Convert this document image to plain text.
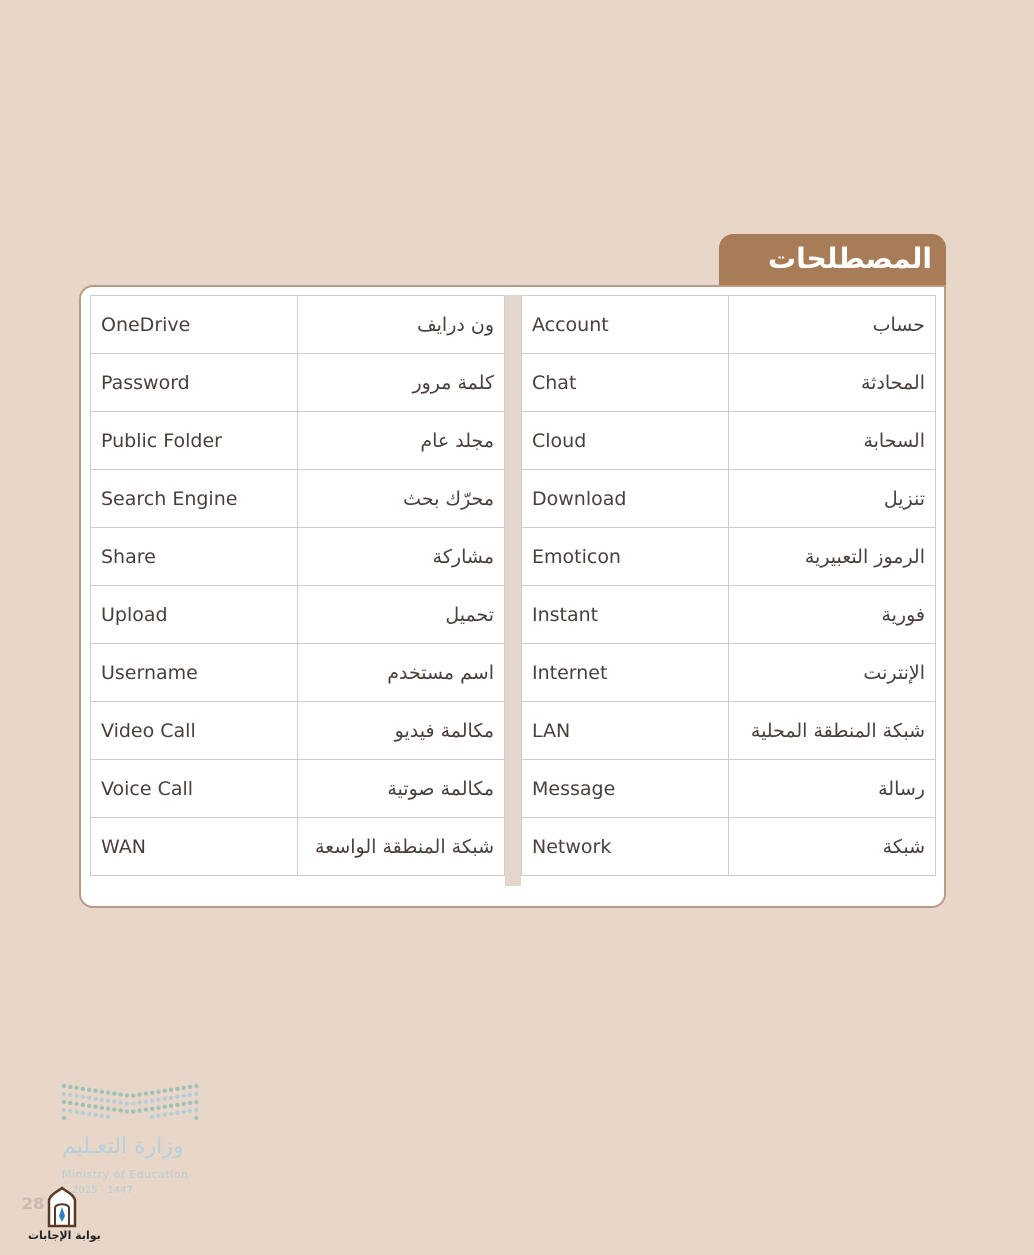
المصطلحات
OneDrive	ون درايف
Password	كلمة مرور
Public Folder	مجلد عام
Search Engine	محرّك بحث
Share	مشاركة
Upload	تحميل
Username	اسم مستخدم
Video Call	مكالمة فيديو
Voice Call	مكالمة صوتية
WAN	شبكة المنطقة الواسعة
Account	حساب
Chat	المحادثة
Cloud	السحابة
Download	تنزيل
Emoticon	الرموز التعبيرية
Instant	فورية
Internet	الإنترنت
LAN	شبكة المنطقة المحلية
Message	رسالة
Network	شبكة
وزارة التعـليم
Ministry of Education
2025 - 1447
28
بوابة الإجابات
